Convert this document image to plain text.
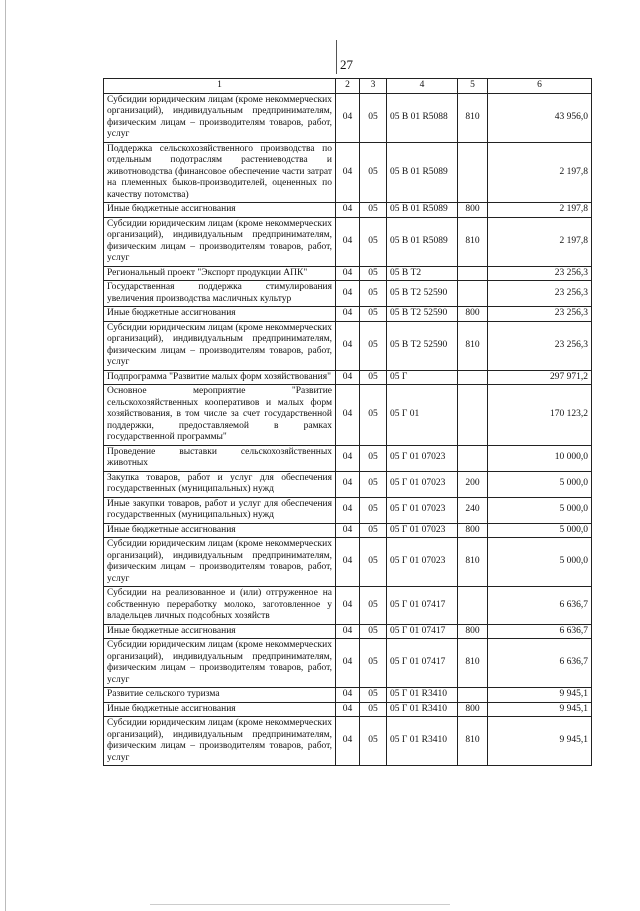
27
1	2	3	4	5	6
Субсидии юридическим лицам (кроме некоммерческих организаций), индивидуальным предпринимателям, физическим лицам – производителям товаров, работ, услуг	04	05	05 В 01 R5088	810	43 956,0
Поддержка сельскохозяйственного производства по отдельным подотраслям растениеводства и животноводства (финансовое обеспечение части затрат на племенных быков-производителей, оцененных по качеству потомства)	04	05	05 В 01 R5089		2 197,8
Иные бюджетные ассигнования	04	05	05 В 01 R5089	800	2 197,8
Субсидии юридическим лицам (кроме некоммерческих организаций), индивидуальным предпринимателям, физическим лицам – производителям товаров, работ, услуг	04	05	05 В 01 R5089	810	2 197,8
Региональный проект "Экспорт продукции АПК"	04	05	05 В Т2		23 256,3
Государственная поддержка стимулирования увеличения производства масличных культур	04	05	05 В Т2 52590		23 256,3
Иные бюджетные ассигнования	04	05	05 В Т2 52590	800	23 256,3
Субсидии юридическим лицам (кроме некоммерческих организаций), индивидуальным предпринимателям, физическим лицам – производителям товаров, работ, услуг	04	05	05 В Т2 52590	810	23 256,3
Подпрограмма "Развитие малых форм хозяйствования"	04	05	05 Г		297 971,2
Основное мероприятие "Развитие сельскохозяйственных кооперативов и малых форм хозяйствования, в том числе за счет государственной поддержки, предоставляемой в рамках государственной программы"	04	05	05 Г 01		170 123,2
Проведение выставки сельскохозяйственных животных	04	05	05 Г 01 07023		10 000,0
Закупка товаров, работ и услуг для обеспечения государственных (муниципальных) нужд	04	05	05 Г 01 07023	200	5 000,0
Иные закупки товаров, работ и услуг для обеспечения государственных (муниципальных) нужд	04	05	05 Г 01 07023	240	5 000,0
Иные бюджетные ассигнования	04	05	05 Г 01 07023	800	5 000,0
Субсидии юридическим лицам (кроме некоммерческих организаций), индивидуальным предпринимателям, физическим лицам – производителям товаров, работ, услуг	04	05	05 Г 01 07023	810	5 000,0
Субсидии на реализованное и (или) отгруженное на собственную переработку молоко, заготовленное у владельцев личных подсобных хозяйств	04	05	05 Г 01 07417		6 636,7
Иные бюджетные ассигнования	04	05	05 Г 01 07417	800	6 636,7
Субсидии юридическим лицам (кроме некоммерческих организаций), индивидуальным предпринимателям, физическим лицам – производителям товаров, работ, услуг	04	05	05 Г 01 07417	810	6 636,7
Развитие сельского туризма	04	05	05 Г 01 R3410		9 945,1
Иные бюджетные ассигнования	04	05	05 Г 01 R3410	800	9 945,1
Субсидии юридическим лицам (кроме некоммерческих организаций), индивидуальным предпринимателям, физическим лицам – производителям товаров, работ, услуг	04	05	05 Г 01 R3410	810	9 945,1
